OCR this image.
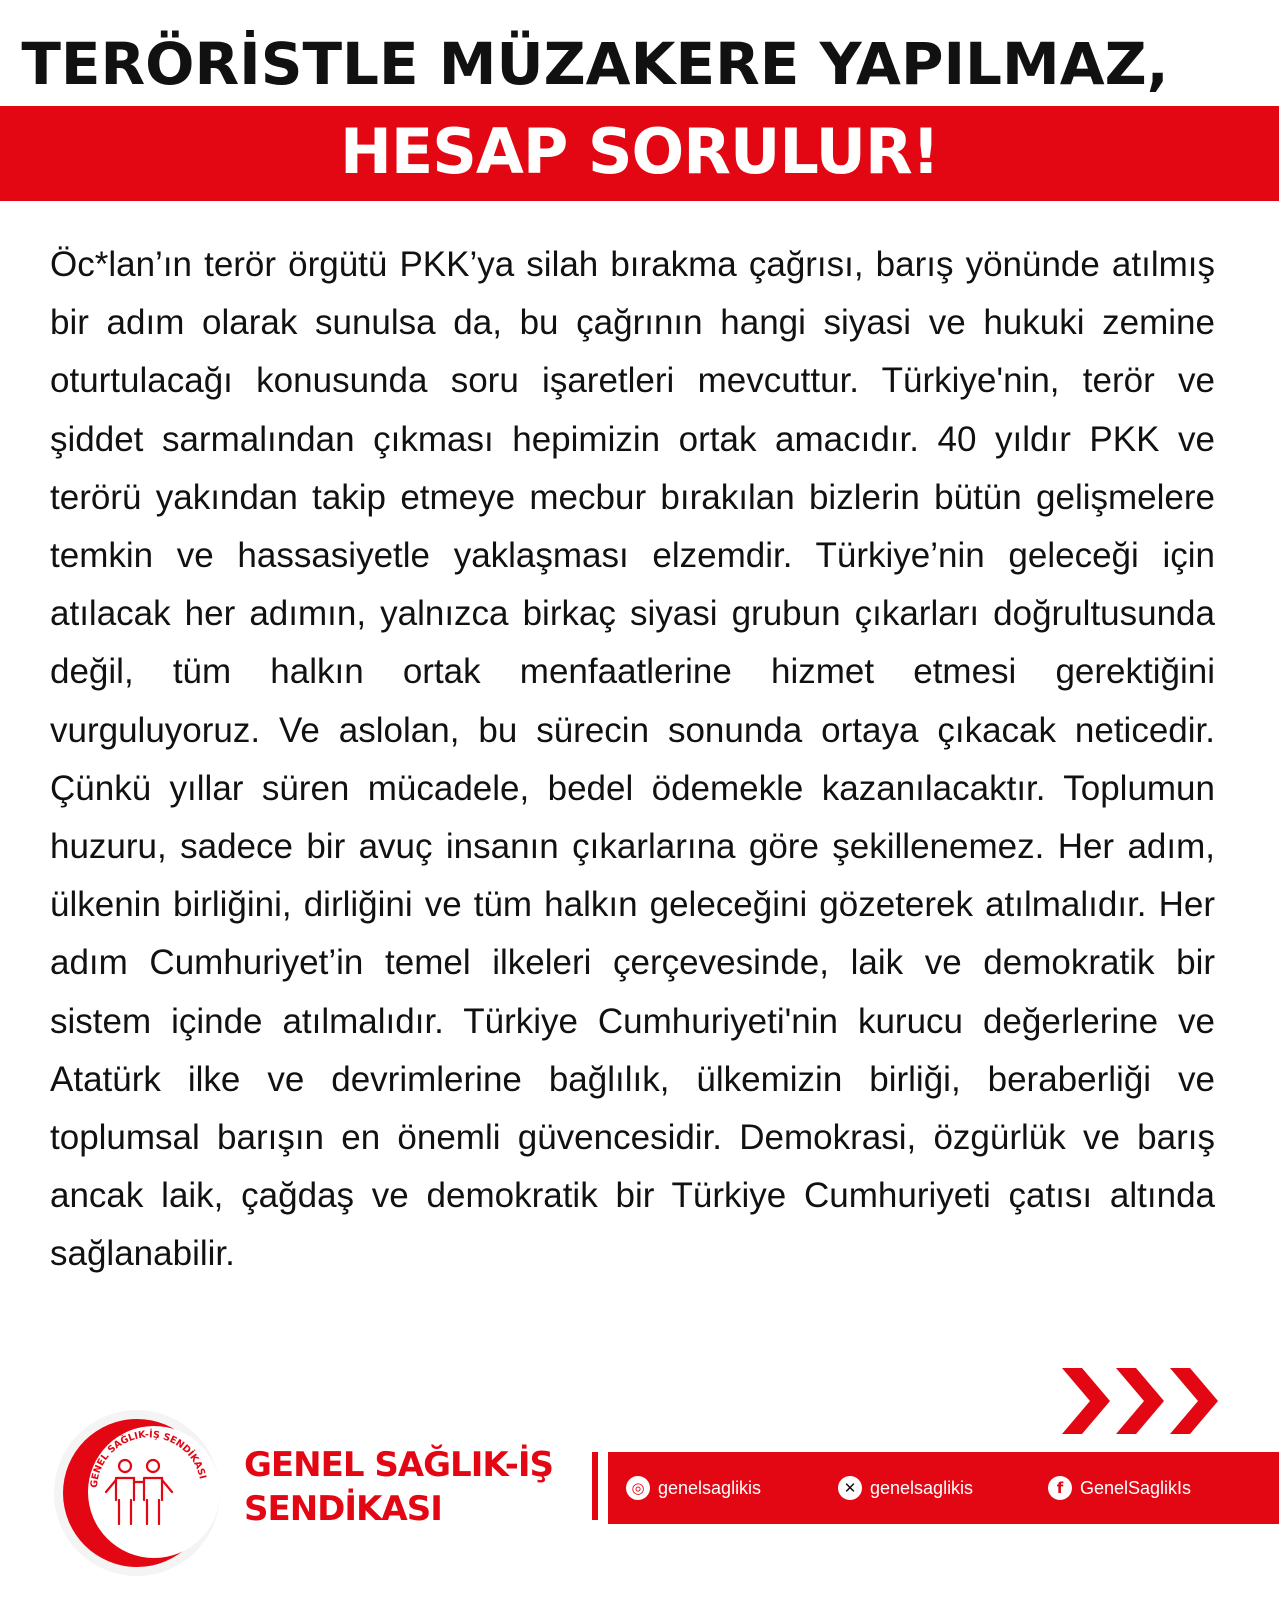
TERÖRİSTLE MÜZAKERE YAPILMAZ,
HESAP SORULUR!

Öc*lan’ın terör örgütü PKK’ya silah bırakma çağrısı, barış yönünde atılmış bir adım olarak sunulsa da, bu çağrının hangi siyasi ve hukuki zemine oturtulacağı konusunda soru işaretleri mevcuttur. Türkiye'nin, terör ve şiddet sarmalından çıkması hepimizin ortak amacıdır. 40 yıldır PKK ve terörü yakından takip etmeye mecbur bırakılan bizlerin bütün gelişmelere temkin ve hassasiyetle yaklaşması elzemdir. Türkiye’nin geleceği için atılacak her adımın, yalnızca birkaç siyasi grubun çıkarları doğrultusunda değil, tüm halkın ortak menfaatlerine hizmet etmesi gerektiğini vurguluyoruz. Ve aslolan, bu sürecin sonunda ortaya çıkacak neticedir. Çünkü yıllar süren mücadele, bedel ödemekle kazanılacaktır. Toplumun huzuru, sadece bir avuç insanın çıkarlarına göre şekillenemez. Her adım, ülkenin birliğini, dirliğini ve tüm halkın geleceğini gözeterek atılmalıdır. Her adım Cumhuriyet’in temel ilkeleri çerçevesinde, laik ve demokratik bir sistem içinde atılmalıdır. Türkiye Cumhuriyeti'nin kurucu değerlerine ve Atatürk ilke ve devrimlerine bağlılık, ülkemizin birliği, beraberliği ve toplumsal barışın en önemli güvencesidir. Demokrasi, özgürlük ve barış ancak laik, çağdaş ve demokratik bir Türkiye Cumhuriyeti çatısı altında sağlanabilir.

GENEL SAĞLIK-İŞ SENDİKASI GENEL SAĞLIK-İŞ
SENDİKASI
◎ genelsaglikis	✕ genelsaglikis	f GenelSaglikIs
